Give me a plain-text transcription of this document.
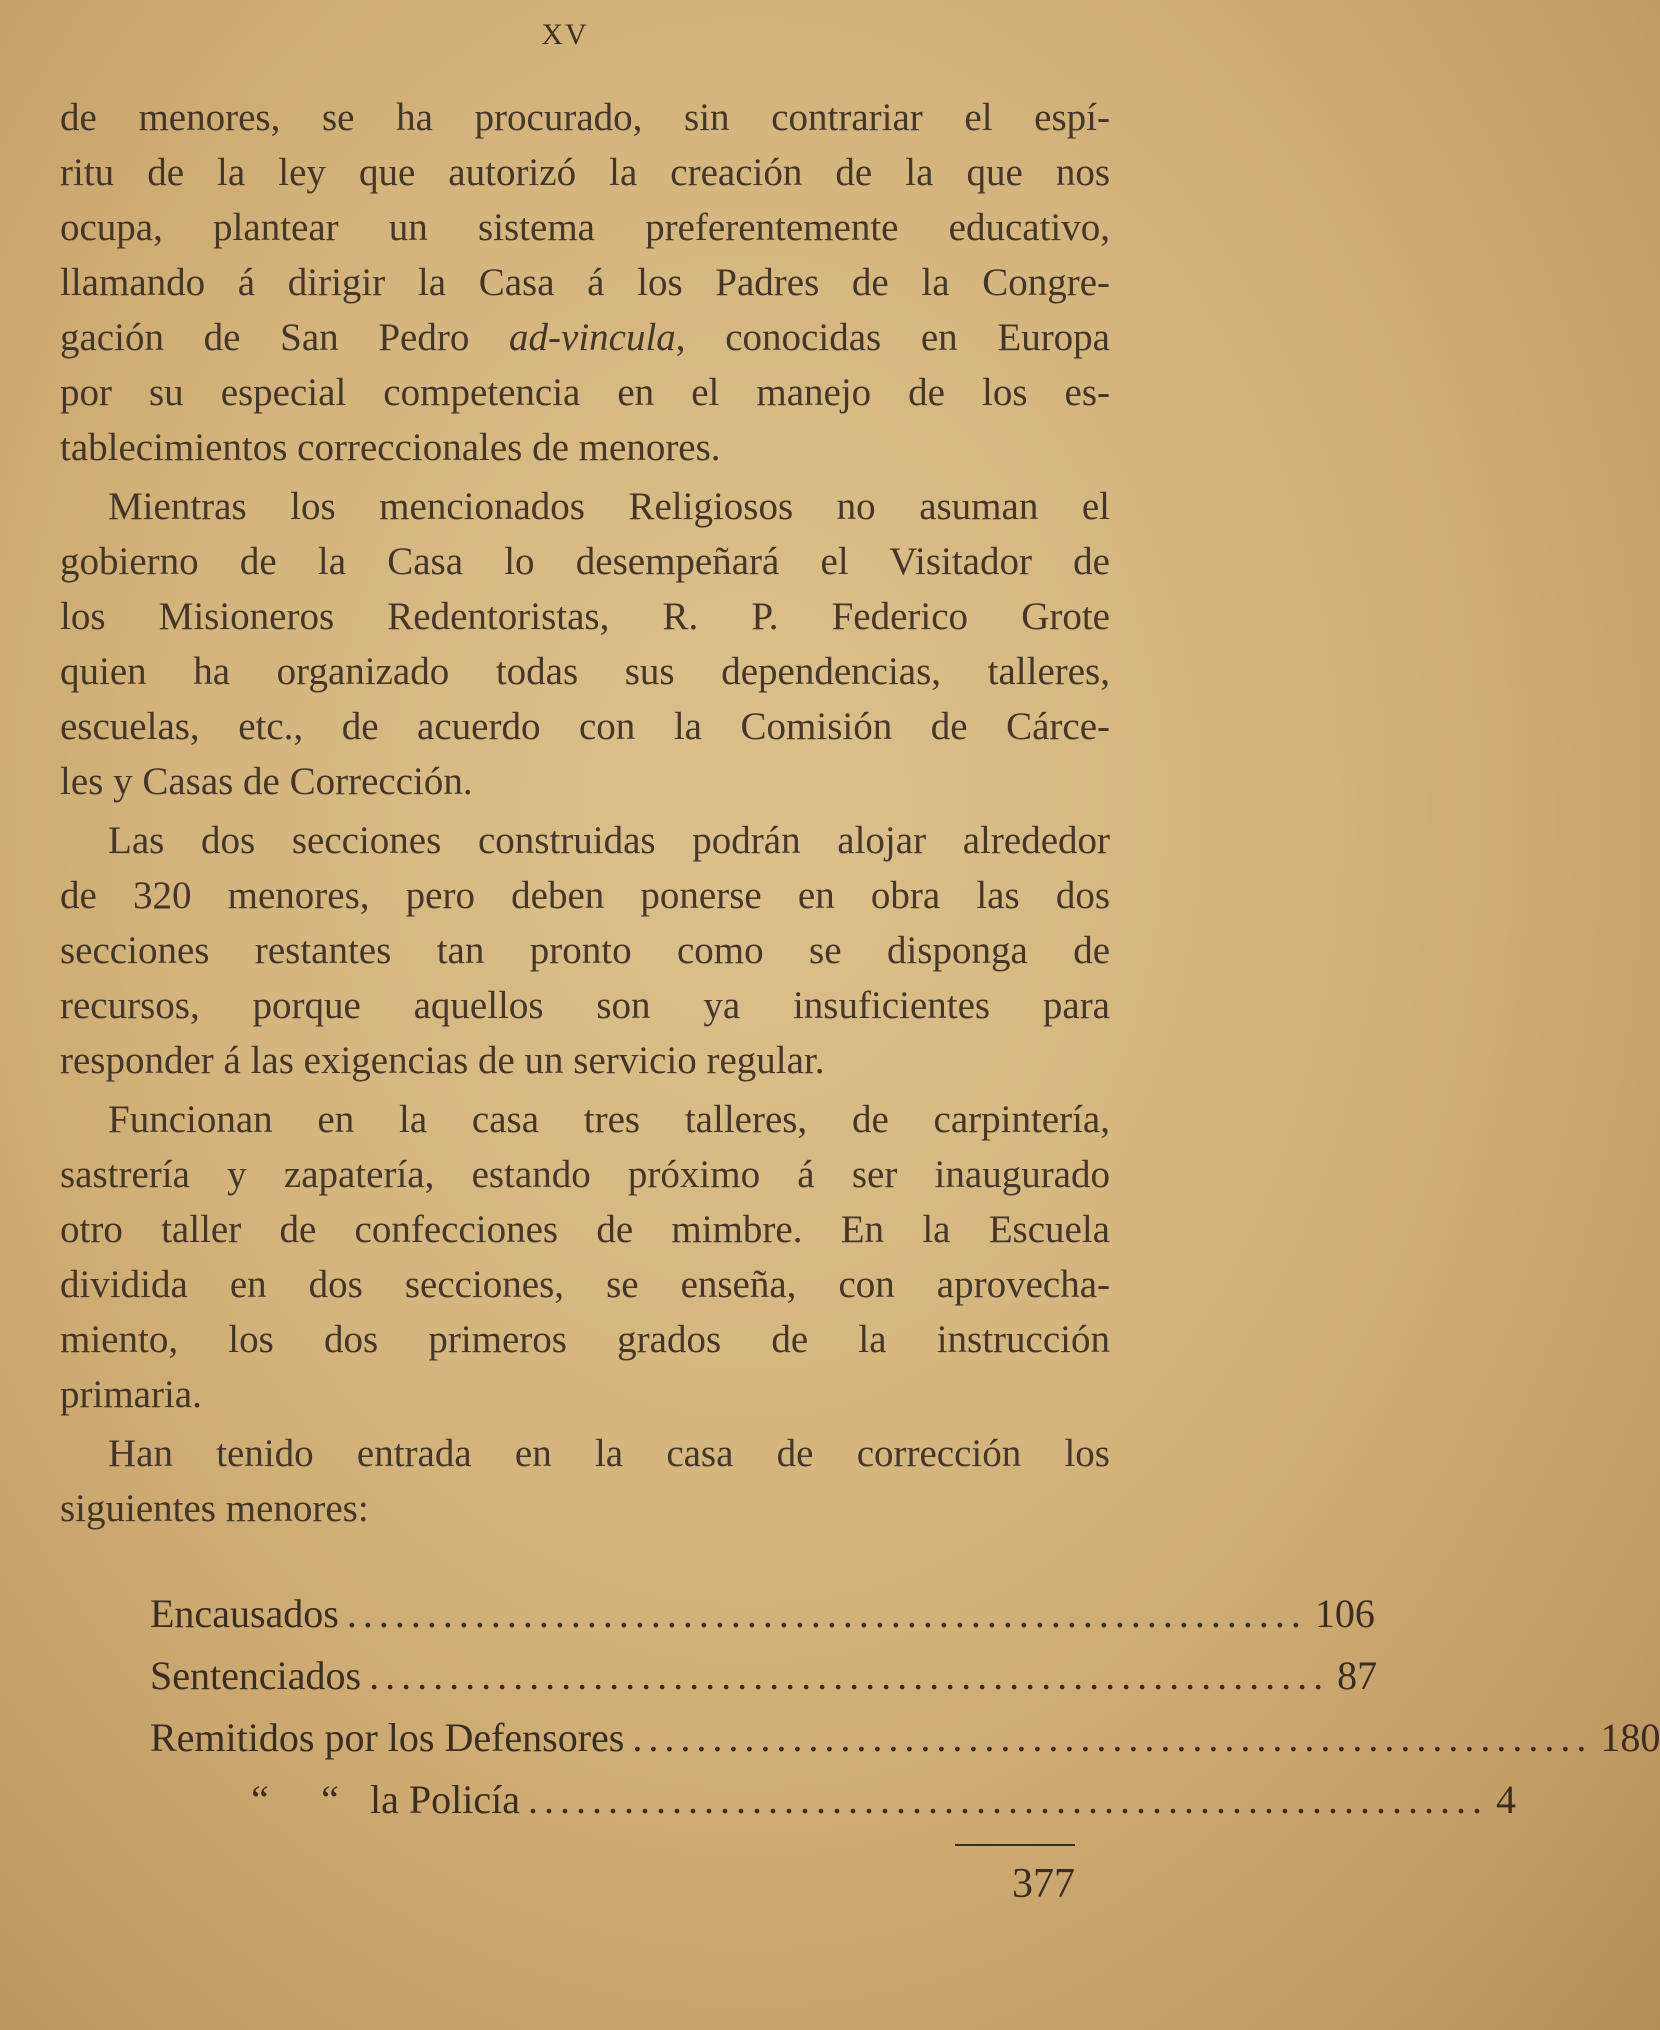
XV
de menores, se ha procurado, sin contrariar el espí-
ritu de la ley que autorizó la creación de la que nos
ocupa, plantear un sistema preferentemente educativo,
llamando á dirigir la Casa á los Padres de la Congre-
gación de San Pedro ad-vincula, conocidas en Europa
por su especial competencia en el manejo de los es-
tablecimientos correccionales de menores.
Mientras los mencionados Religiosos no asuman el
gobierno de la Casa lo desempeñará el Visitador de
los Misioneros Redentoristas, R. P. Federico Grote
quien ha organizado todas sus dependencias, talleres,
escuelas, etc., de acuerdo con la Comisión de Cárce-
les y Casas de Corrección.
Las dos secciones construidas podrán alojar alrededor
de 320 menores, pero deben ponerse en obra las dos
secciones restantes tan pronto como se disponga de
recursos, porque aquellos son ya insuficientes para
responder á las exigencias de un servicio regular.
Funcionan en la casa tres talleres, de carpintería,
sastrería y zapatería, estando próximo á ser inaugurado
otro taller de confecciones de mimbre. En la Escuela
dividida en dos secciones, se enseña, con aprovecha-
miento, los dos primeros grados de la instrucción
primaria.
Han tenido entrada en la casa de corrección los
siguientes menores:
Encausados ............................................................ 106
Sentenciados ............................................................ 87
Remitidos por los Defensores ............................................................ 180
“ “ la Policía ............................................................ 4
377
